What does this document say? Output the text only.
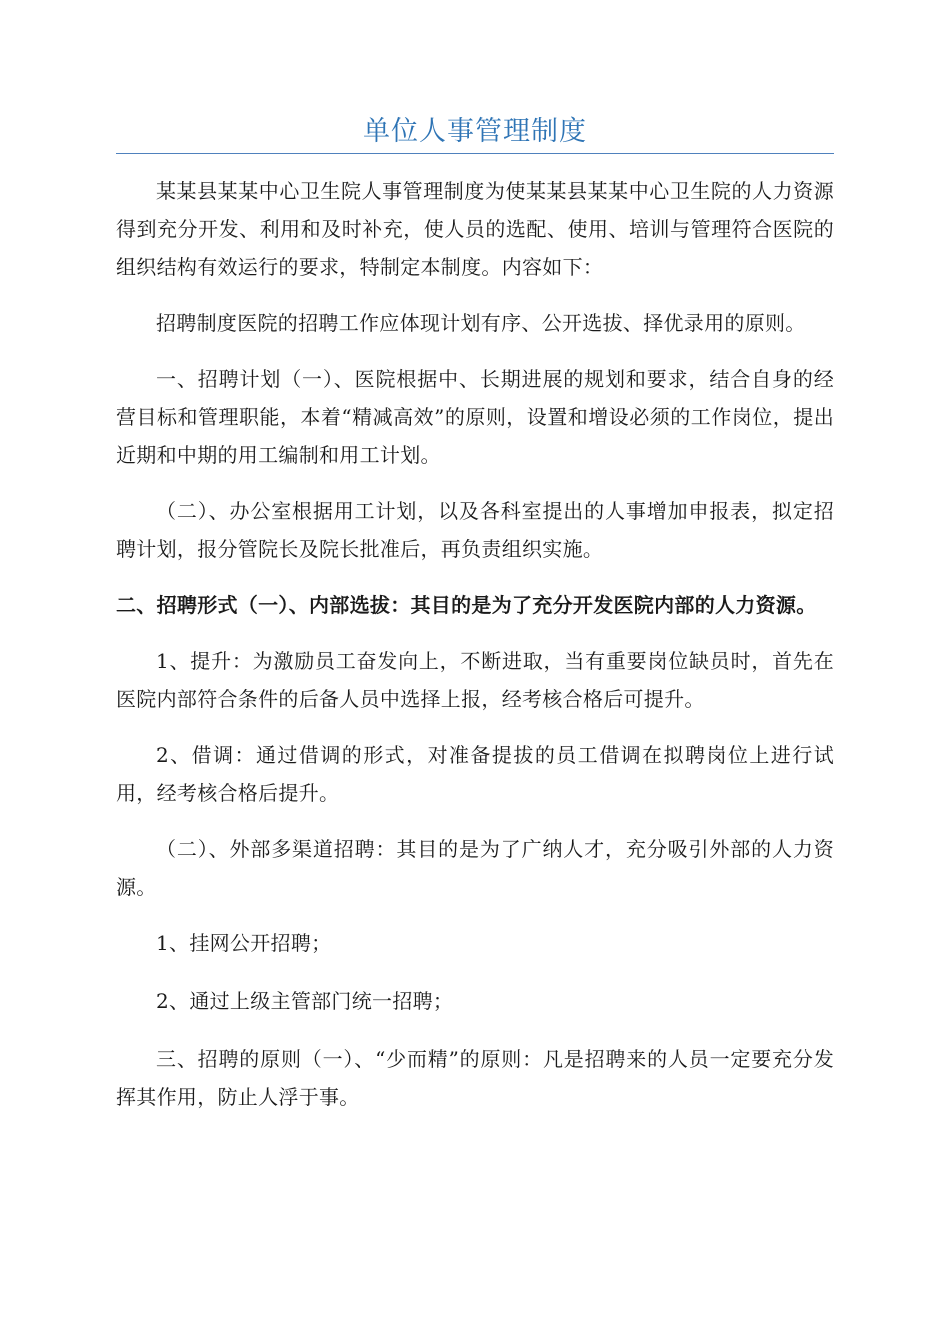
单位人事管理制度

某某县某某中心卫生院人事管理制度为使某某县某某中心卫生院的人力资源得到充分开发、利用和及时补充，使人员的选配、使用、培训与管理符合医院的组织结构有效运行的要求，特制定本制度。内容如下：

招聘制度医院的招聘工作应体现计划有序、公开选拔、择优录用的原则。

一、招聘计划（一）、医院根据中、长期进展的规划和要求，结合自身的经营目标和管理职能，本着“精减高效”的原则，设置和增设必须的工作岗位，提出近期和中期的用工编制和用工计划。

（二）、办公室根据用工计划，以及各科室提出的人事增加申报表，拟定招聘计划，报分管院长及院长批准后，再负责组织实施。

二、招聘形式（一）、内部选拔：其目的是为了充分开发医院内部的人力资源。

1、提升：为激励员工奋发向上，不断进取，当有重要岗位缺员时，首先在医院内部符合条件的后备人员中选择上报，经考核合格后可提升。

2、借调：通过借调的形式，对准备提拔的员工借调在拟聘岗位上进行试用，经考核合格后提升。

（二）、外部多渠道招聘：其目的是为了广纳人才，充分吸引外部的人力资源。

1、挂网公开招聘；

2、通过上级主管部门统一招聘；

三、招聘的原则（一）、“少而精”的原则：凡是招聘来的人员一定要充分发挥其作用，防止人浮于事。
